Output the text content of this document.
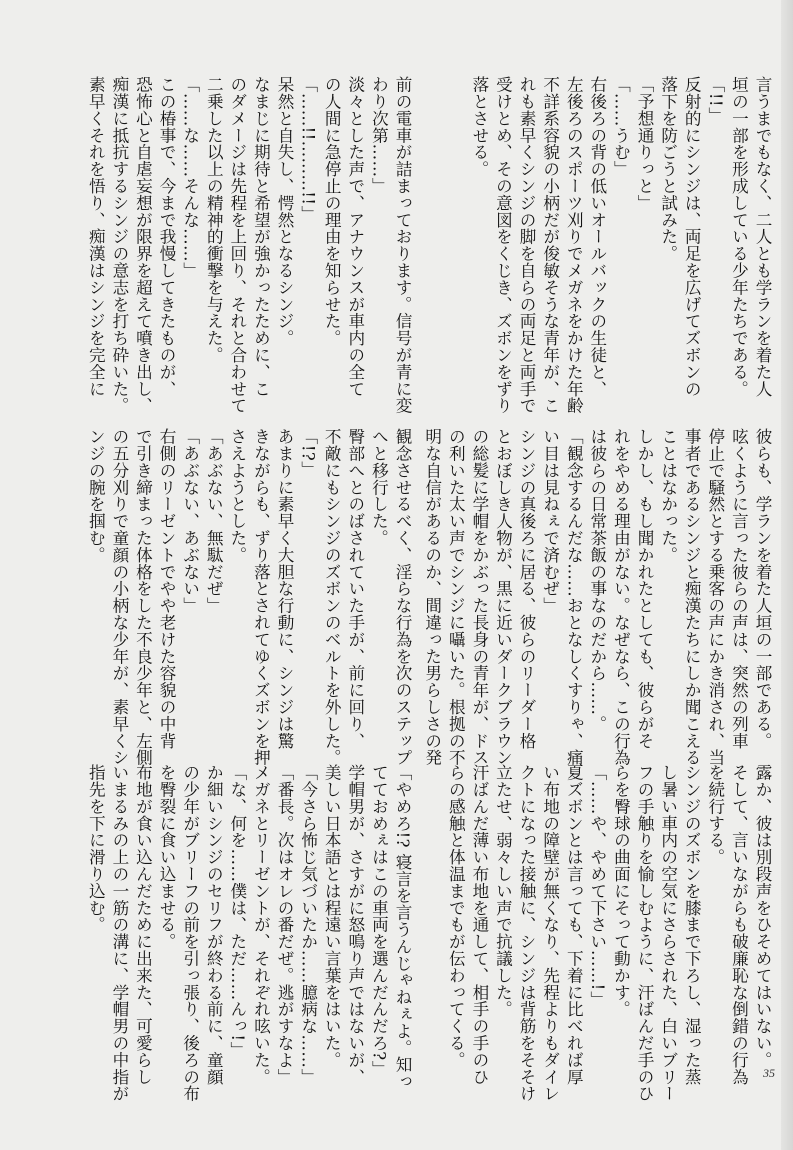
言うまでもなく、二人とも学ランを着た人
垣の一部を形成している少年たちである。
「!!」
反射的にシンジは、両足を広げてズボンの
落下を防ごうと試みた。
「予想通りっと」
「……うむ」
右後ろの背の低いオールバックの生徒と、
左後ろのスポーツ刈りでメガネをかけた年齢
不詳系容貌の小柄だが俊敏そうな青年が、こ
れも素早くシンジの脚を自らの両足と両手で
受けとめ、その意図をくじき、ズボンをずり
落とさせる。
前の電車が詰まっております。信号が青に変
わり次第……」
淡々とした声で、アナウンスが車内の全て
の人間に急停止の理由を知らせた。
「……!!………!!」
呆然と自失し、愕然となるシンジ。
なまじに期待と希望が強かったために、こ
のダメージは先程を上回り、それと合わせて
二乗した以上の精神的衝撃を与えた。
「……な……そんな……」
この椿事で、今まで我慢してきたものが、
恐怖心と自虐妄想が限界を超えて噴き出し、
痴漢に抵抗するシンジの意志を打ち砕いた。
素早くそれを悟り、痴漢はシンジを完全に
彼らも、学ランを着た人垣の一部である。
呟くように言った彼らの声は、突然の列車
停止で騒然とする乗客の声にかき消され、当
事者であるシンジと痴漢たちにしか聞こえる
ことはなかった。
しかし、もし聞かれたとしても、彼らがそ
れをやめる理由がない。なぜなら、この行為
は彼らの日常茶飯の事なのだから……。
「観念するんだな……おとなしくすりゃ、痛
い目は見ねぇで済むぜ」
シンジの真後ろに居る、彼らのリーダー格
とおぼしき人物が、黒に近いダークブラウン
の総髪に学帽をかぶった長身の青年が、ドス
の利いた太い声でシンジに囁いた。根拠の不
明な自信があるのか、間違った男らしさの発
観念させるべく、淫らな行為を次のステップ
へと移行した。
臀部へとのばされていた手が、前に回り、
不敵にもシンジのズボンのベルトを外した。
「!?」
あまりに素早く大胆な行動に、シンジは驚
きながらも、ずり落とされてゆくズボンを押
さえようとした。
「あぶない、無駄だぜ」
「あぶない、あぶない」
右側のリーゼントでやや老けた容貌の中背
で引き締まった体格をした不良少年と、左側
の五分刈りで童顔の小柄な少年が、素早くシ
ンジの腕を掴む。
露か、彼は別段声をひそめてはいない。
そして、言いながらも破廉恥な倒錯の行為
を続行する。
シンジのズボンを膝まで下ろし、湿った蒸
し暑い車内の空気にさらされた、白いブリー
フの手触りを愉しむように、汗ばんだ手のひ
らを臀球の曲面にそって動かす。
「……や、やめて下さい……!」
夏ズボンとは言っても、下着に比べれば厚
い布地の障壁が無くなり、先程よりもダイレ
クトになった接触に、シンジは背筋をそそけ
立たせ、弱々しい声で抗議した。
汗ばんだ薄い布地を通して、相手の手のひ
らの感触と体温までもが伝わってくる。
「やめろ!? 寝言を言うんじゃねぇよ。知っ
てておめぇはこの車両を選んだんだろ?」
学帽男が、さすがに怒鳴り声ではないが、
美しい日本語とは程遠い言葉をはいた。
「今さら怖じ気づいたか……臆病な……」
「番長。次はオレの番だぜ。逃がすなよ」
メガネとリーゼントが、それぞれ呟いた。
「な、何を……僕は、ただ……んっ!」
か細いシンジのセリフが終わる前に、童顔
の少年がブリーフの前を引っ張り、後ろの布
を臀裂に食い込ませる。
布地が食い込んだために出来た、可愛らし
いまるみの上の一筋の溝に、学帽男の中指が
指先を下に滑り込む。
35
